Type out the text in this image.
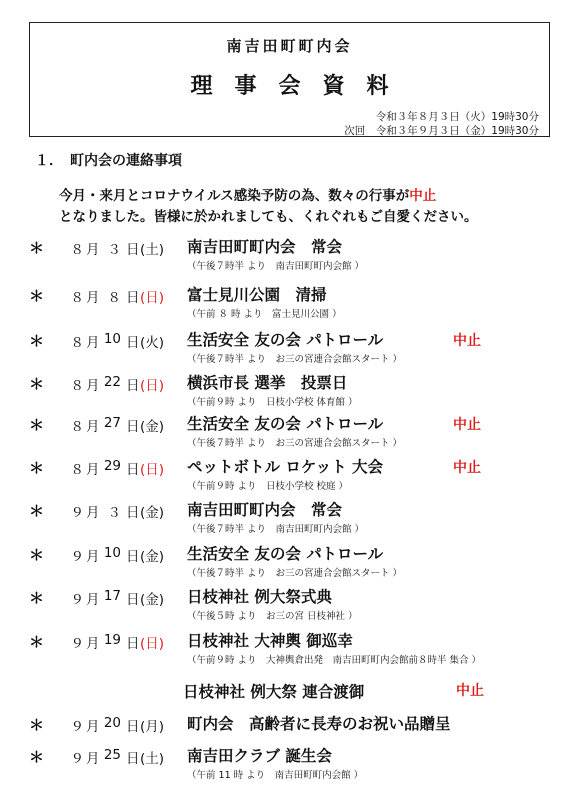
南吉田町町内会
理事会資料
令和３年８月３日（火）19時30分
次回　令和３年９月３日（金）19時30分
１．　町内会の連絡事項
今月・来月とコロナウイルス感染予防の為、数々の行事が中止
となりました。皆様に於かれましても、くれぐれもご自愛ください。
＊	８ 月 ３ 日 (土) 南吉田町町内会　常会
（午後７時半 より　南吉田町町内会館 ）
＊	８ 月 ８ 日 (日) 富士見川公園　清掃
（午前 ８ 時 より　富士見川公園 ）
＊	８ 月 10 日 (火) 生活安全 友の会 パトロール
（午後７時半 より　お三の宮連合会館スタート ）
中止
＊	８ 月 22 日 (日) 横浜市長 選挙　投票日
（午前９時 より　日枝小学校 体育館 ）
＊	８ 月 27 日 (金) 生活安全 友の会 パトロール
（午後７時半 より　お三の宮連合会館スタート ）
中止
＊	８ 月 29 日 (日) ペットボトル ロケット 大会
（午前９時 より　日枝小学校 校庭 ）
中止
＊	９ 月 ３ 日 (金) 南吉田町町内会　常会
（午後７時半 より　南吉田町町内会館 ）
＊	９ 月 10 日 (金) 生活安全 友の会 パトロール
（午後７時半 より　お三の宮連合会館スタート ）
＊	９ 月 17 日 (金) 日枝神社 例大祭式典
（午後５時 より　お三の宮 日枝神社 ）
＊	９ 月 19 日 (日) 日枝神社 大神輿 御巡幸
（午前９時 より　大神輿倉出発　南吉田町町内会館前８時半 集合 ）
＊	９ 月 20 日 (月) 町内会　高齢者に長寿のお祝い品贈呈
＊	９ 月 25 日 (土) 南吉田クラブ 誕生会
（午前 11 時 より　南吉田町町内会館 ）
日枝神社 例大祭 連合渡御	中止
